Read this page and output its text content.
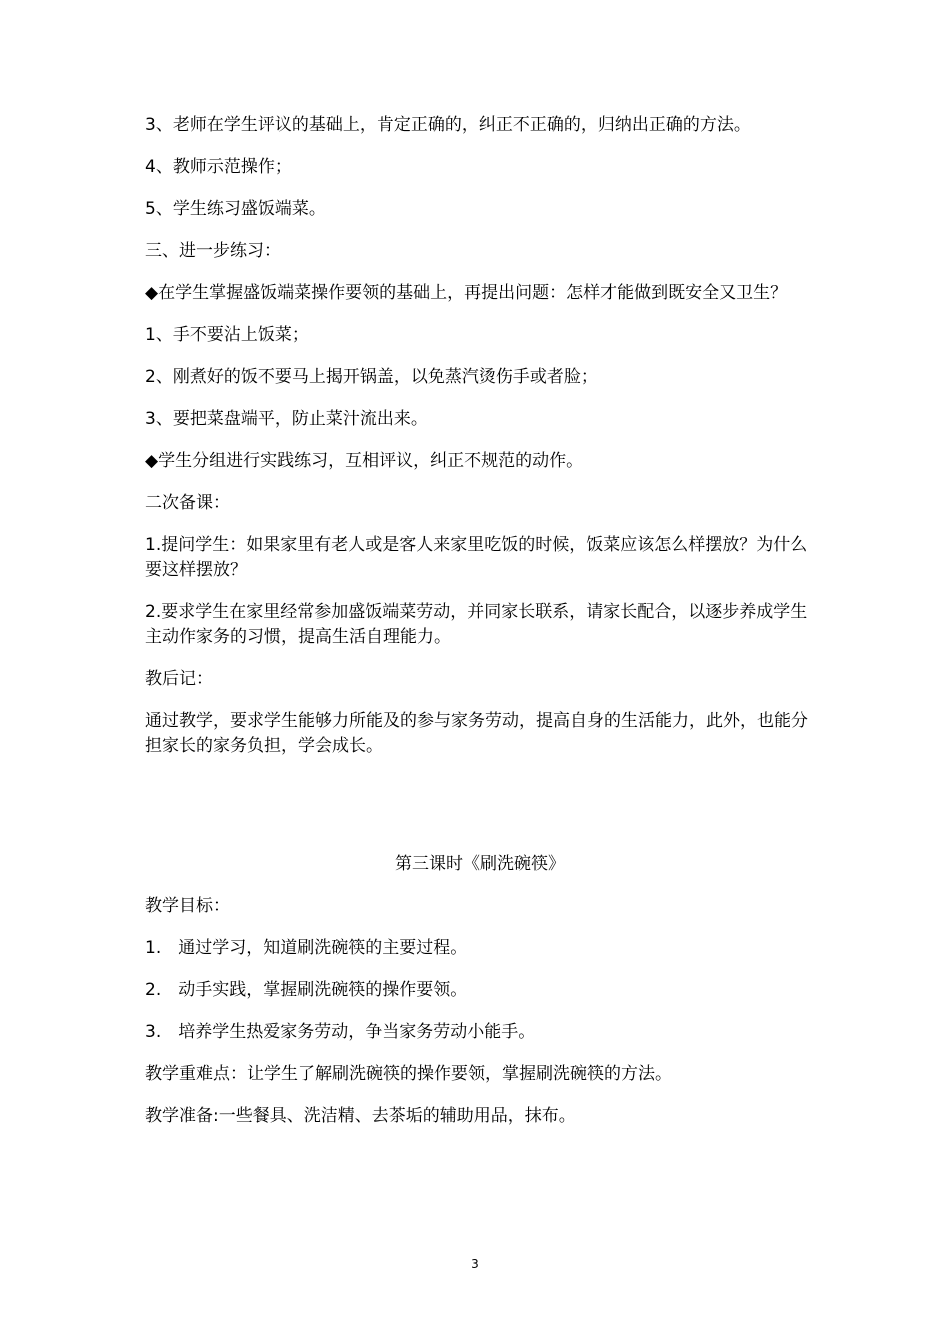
3、老师在学生评议的基础上，肯定正确的，纠正不正确的，归纳出正确的方法。

4、教师示范操作；

5、学生练习盛饭端菜。

三、进一步练习：

◆在学生掌握盛饭端菜操作要领的基础上，再提出问题：怎样才能做到既安全又卫生？

1、手不要沾上饭菜；

2、刚煮好的饭不要马上揭开锅盖，以免蒸汽烫伤手或者脸；

3、要把菜盘端平，防止菜汁流出来。

◆学生分组进行实践练习，互相评议，纠正不规范的动作。

二次备课：

1.提问学生：如果家里有老人或是客人来家里吃饭的时候，饭菜应该怎么样摆放？为什么要这样摆放？

2.要求学生在家里经常参加盛饭端菜劳动，并同家长联系，请家长配合，以逐步养成学生主动作家务的习惯，提高生活自理能力。

教后记：

通过教学，要求学生能够力所能及的参与家务劳动，提高自身的生活能力，此外，也能分担家长的家务负担，学会成长。

第三课时《刷洗碗筷》

教学目标：

1.　通过学习，知道刷洗碗筷的主要过程。

2.　动手实践，掌握刷洗碗筷的操作要领。

3.　培养学生热爱家务劳动，争当家务劳动小能手。

教学重难点：让学生了解刷洗碗筷的操作要领，掌握刷洗碗筷的方法。

教学准备:一些餐具、洗洁精、去茶垢的辅助用品，抹布。

3
